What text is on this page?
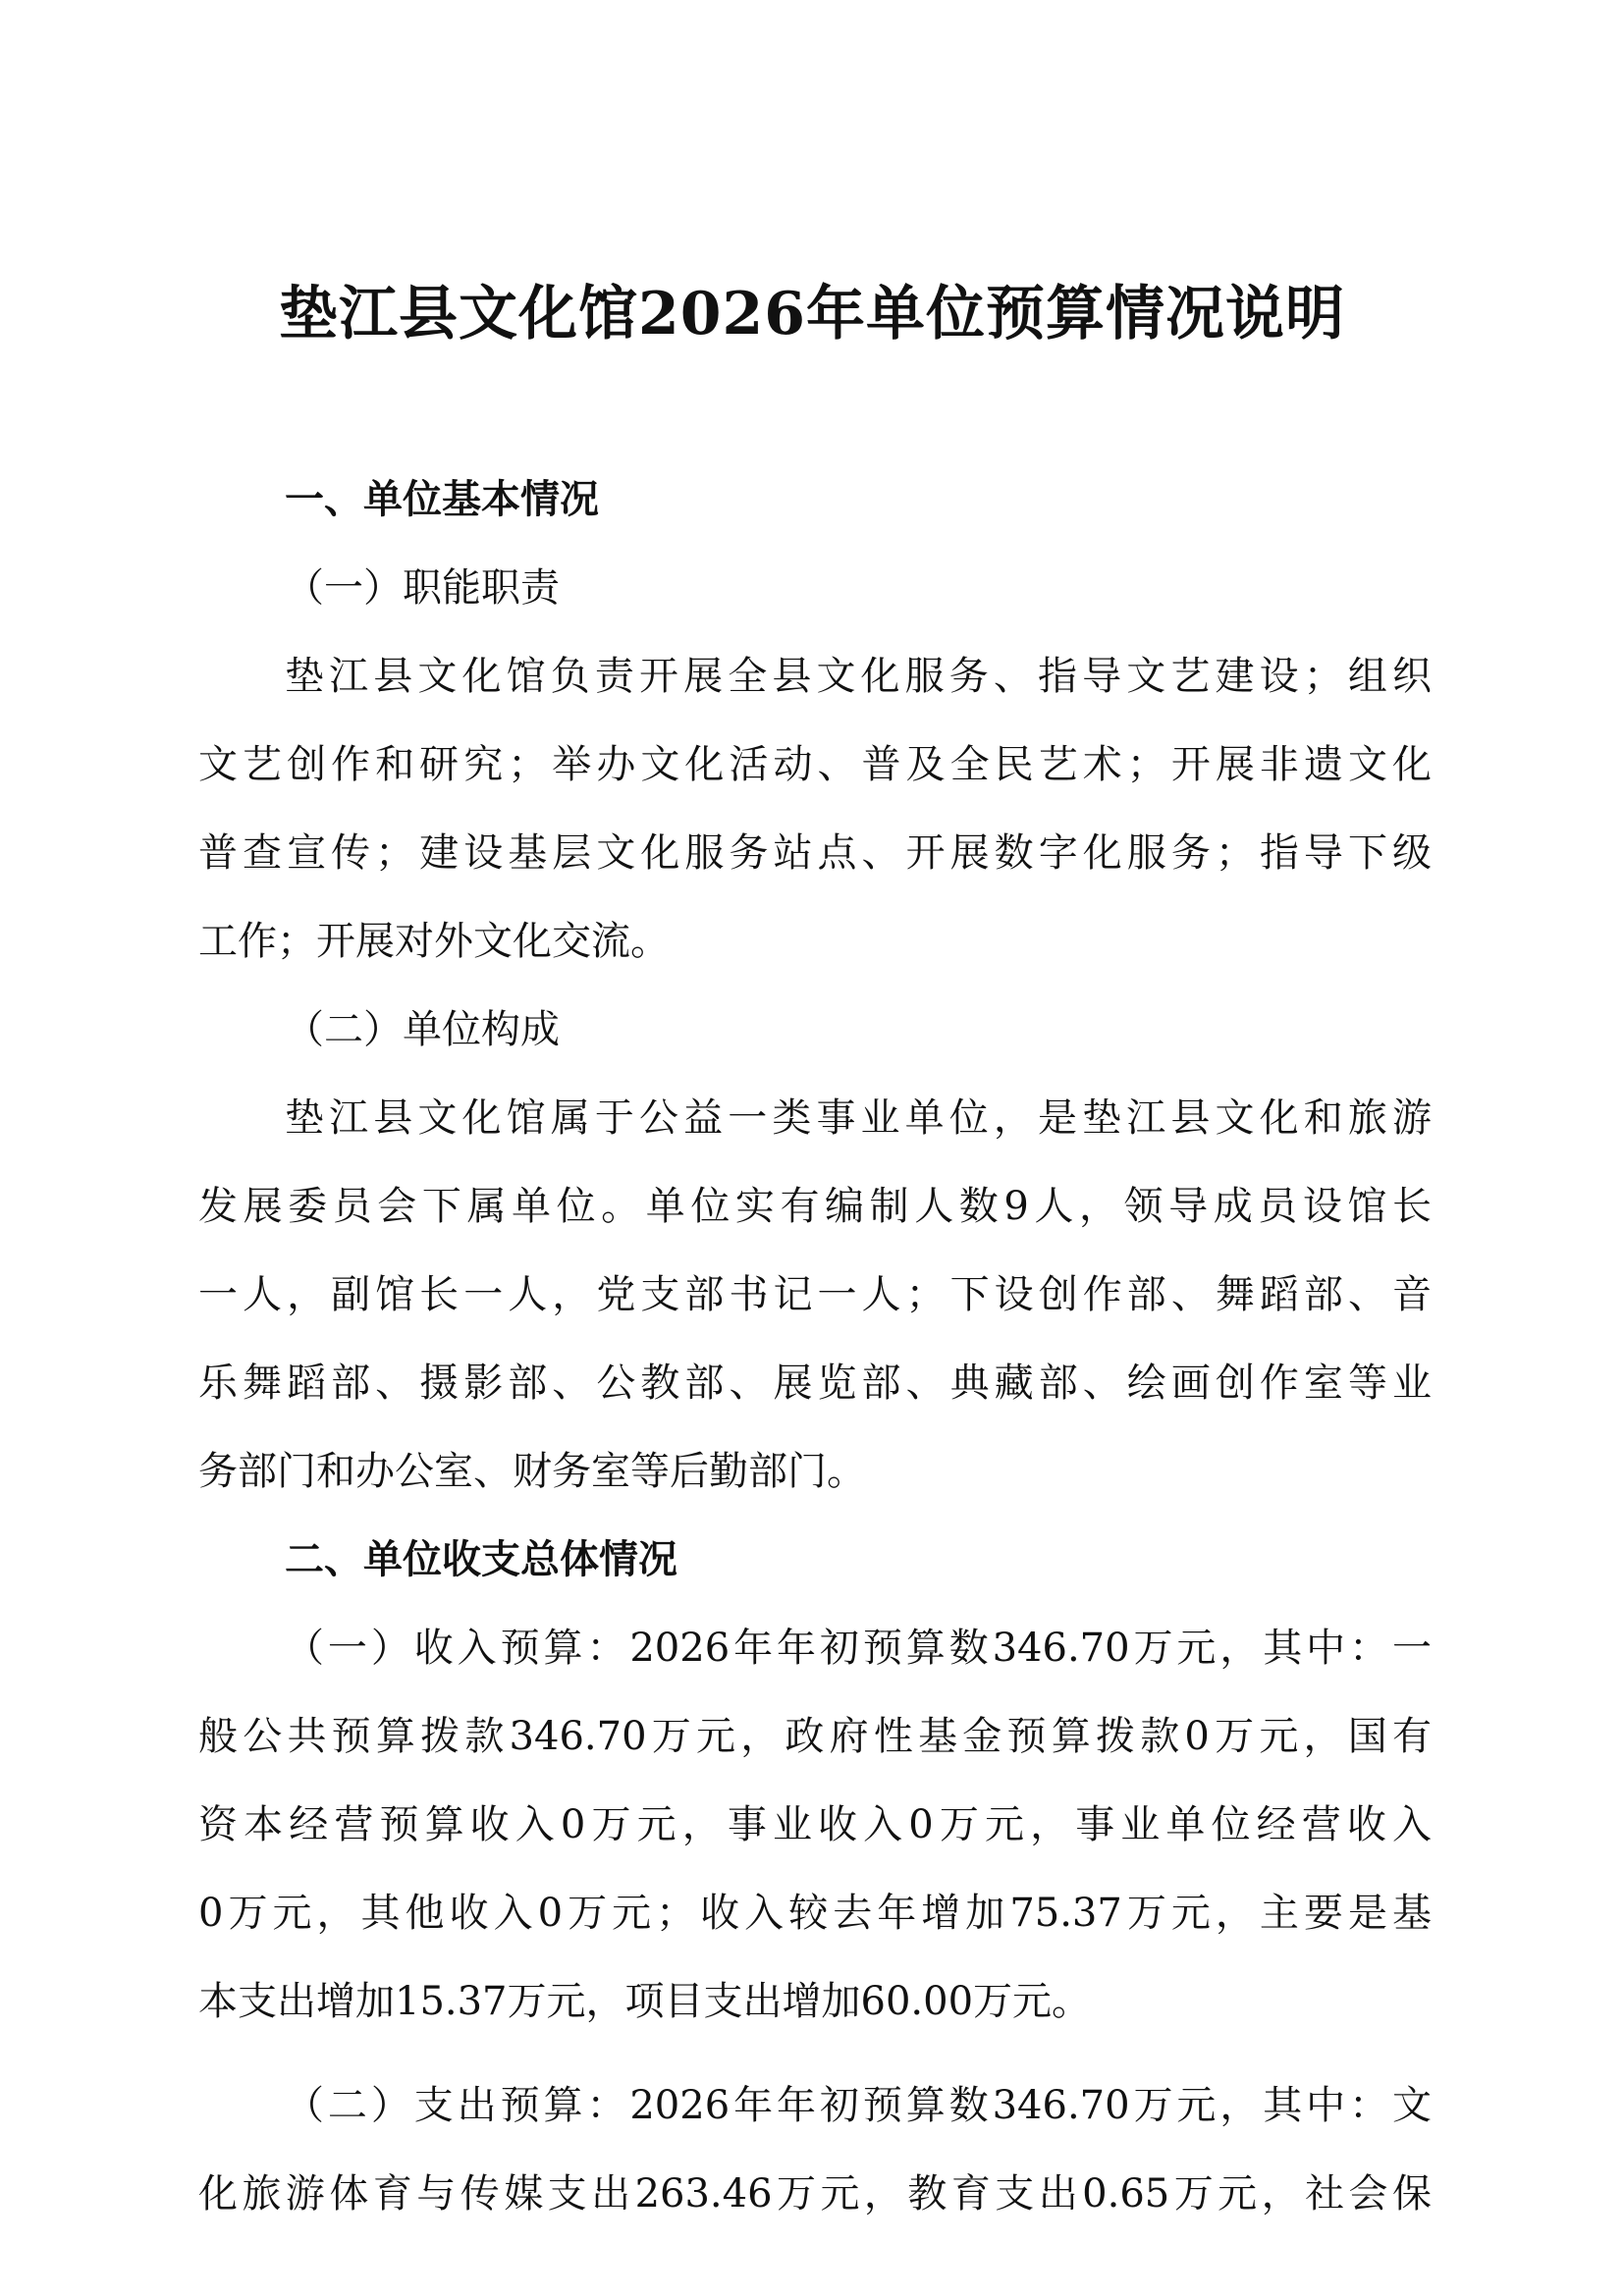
垫江县文化馆2026年单位预算情况说明

一、单位基本情况

（一）职能职责

垫江县文化馆负责开展全县文化服务、指导文艺建设；组织

文艺创作和研究；举办文化活动、普及全民艺术；开展非遗文化

普查宣传；建设基层文化服务站点、开展数字化服务；指导下级

工作；开展对外文化交流。

（二）单位构成

垫江县文化馆属于公益一类事业单位，是垫江县文化和旅游

发展委员会下属单位。单位实有编制人数9人，领导成员设馆长

一人，副馆长一人，党支部书记一人；下设创作部、舞蹈部、音

乐舞蹈部、摄影部、公教部、展览部、典藏部、绘画创作室等业

务部门和办公室、财务室等后勤部门。

二、单位收支总体情况

（一）收入预算：2026年年初预算数346.70万元，其中：一

般公共预算拨款346.70万元，政府性基金预算拨款0万元，国有

资本经营预算收入0万元，事业收入0万元，事业单位经营收入

0万元，其他收入0万元；收入较去年增加75.37万元，主要是基

本支出增加15.37万元，项目支出增加60.00万元。

（二）支出预算：2026年年初预算数346.70万元，其中：文

化旅游体育与传媒支出263.46万元，教育支出0.65万元，社会保
